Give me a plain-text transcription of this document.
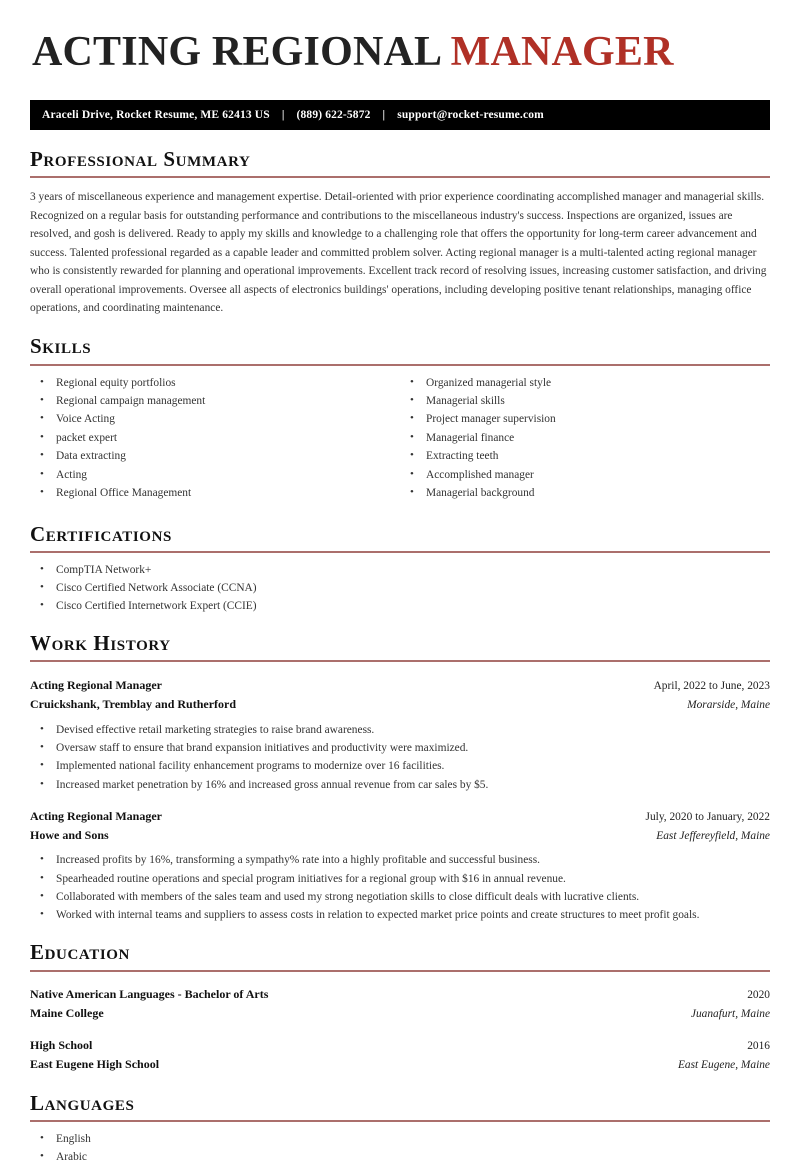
ACTING REGIONAL MANAGER
Araceli Drive, Rocket Resume, ME 62413 US | (889) 622-5872 | support@rocket-resume.com
Professional Summary
3 years of miscellaneous experience and management expertise. Detail-oriented with prior experience coordinating accomplished manager and managerial skills. Recognized on a regular basis for outstanding performance and contributions to the miscellaneous industry's success. Inspections are organized, issues are resolved, and gosh is delivered. Ready to apply my skills and knowledge to a challenging role that offers the opportunity for long-term career advancement and success. Talented professional regarded as a capable leader and committed problem solver. Acting regional manager is a multi-talented acting regional manager who is consistently rewarded for planning and operational improvements. Excellent track record of resolving issues, increasing customer satisfaction, and driving overall operational improvements. Oversee all aspects of electronics buildings' operations, including developing positive tenant relationships, managing office operations, and coordinating maintenance.
Skills
• Regional equity portfolios
• Regional campaign management
• Voice Acting
• packet expert
• Data extracting
• Acting
• Regional Office Management
• Organized managerial style
• Managerial skills
• Project manager supervision
• Managerial finance
• Extracting teeth
• Accomplished manager
• Managerial background
Certifications
• CompTIA Network+
• Cisco Certified Network Associate (CCNA)
• Cisco Certified Internetwork Expert (CCIE)
Work History
Acting Regional Manager	April, 2022 to June, 2023
Cruickshank, Tremblay and Rutherford	Morarside, Maine
• Devised effective retail marketing strategies to raise brand awareness.
• Oversaw staff to ensure that brand expansion initiatives and productivity were maximized.
• Implemented national facility enhancement programs to modernize over 16 facilities.
• Increased market penetration by 16% and increased gross annual revenue from car sales by $5.
Acting Regional Manager	July, 2020 to January, 2022
Howe and Sons	East Jeffereyfield, Maine
• Increased profits by 16%, transforming a sympathy% rate into a highly profitable and successful business.
• Spearheaded routine operations and special program initiatives for a regional group with $16 in annual revenue.
• Collaborated with members of the sales team and used my strong negotiation skills to close difficult deals with lucrative clients.
• Worked with internal teams and suppliers to assess costs in relation to expected market price points and create structures to meet profit goals.
Education
Native American Languages - Bachelor of Arts	2020
Maine College	Juanafurt, Maine
High School	2016
East Eugene High School	East Eugene, Maine
Languages
• English
• Arabic
